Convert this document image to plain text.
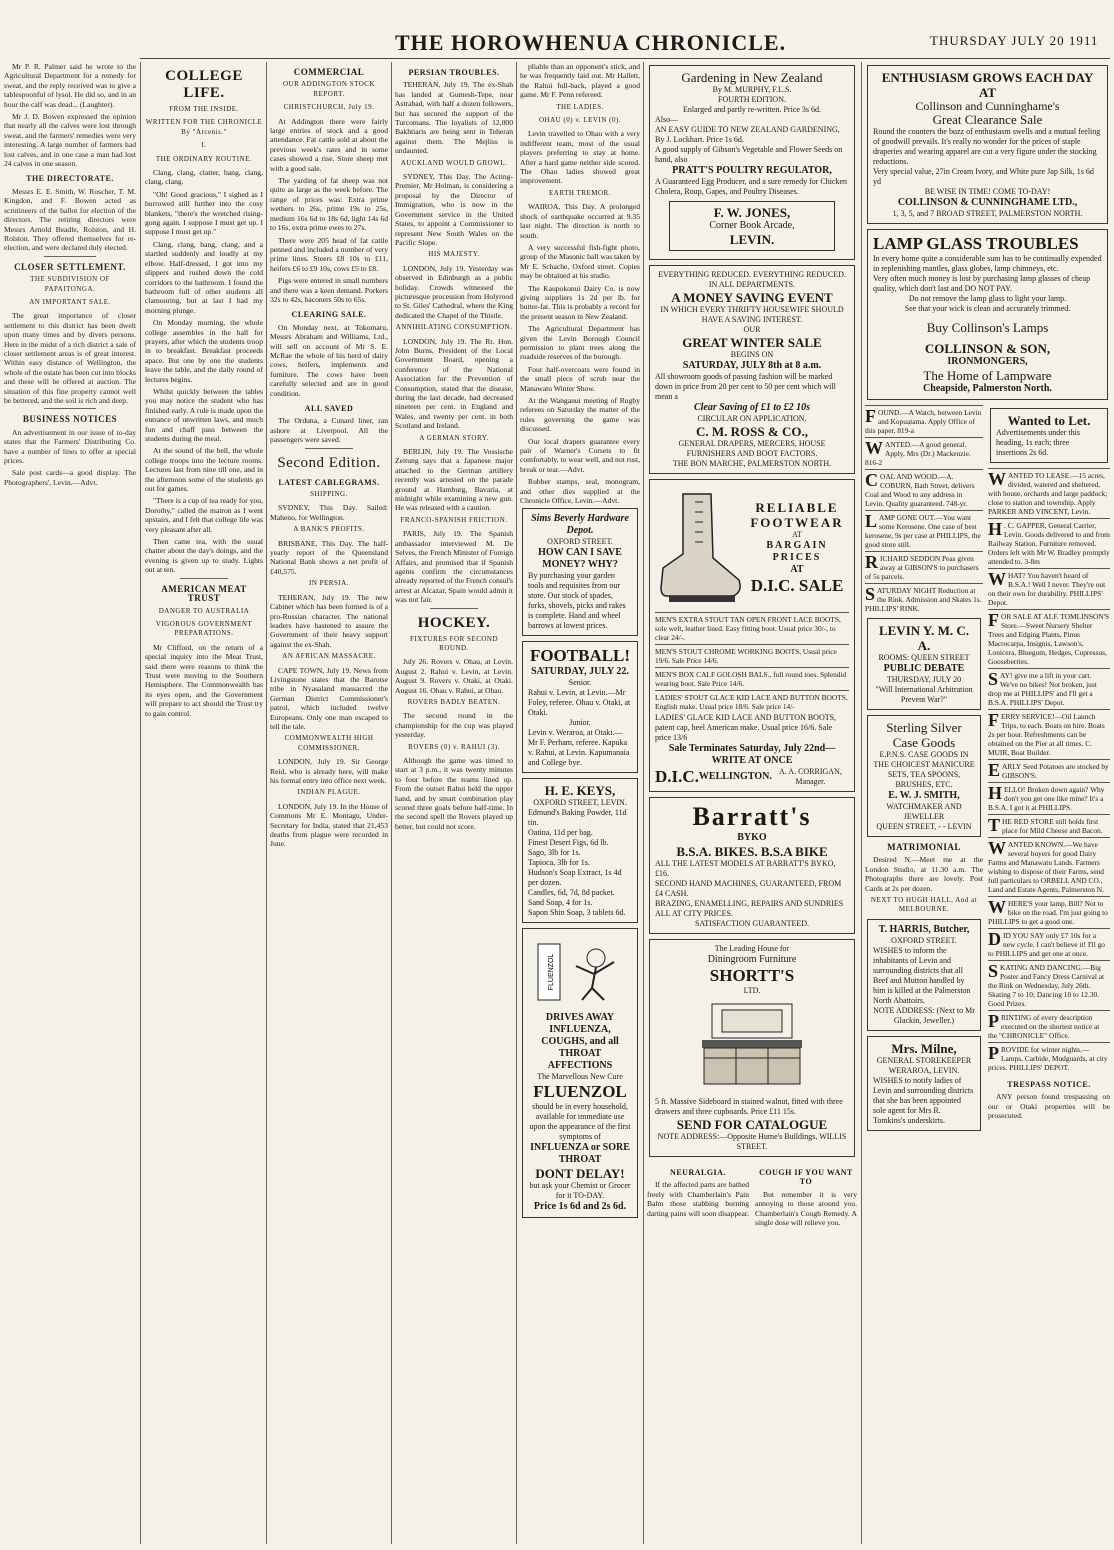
THE HOROWHENUA CHRONICLE.	THURSDAY JULY 20 1911

Mr P. R. Palmer said he wrote to the Agricultural Department for a remedy for sweat, and the reply received was to give a tablespoonful of lysol. He did so, and in an hour the calf was dead... (Laughter).

Mr J. D. Bowen expressed the opinion that nearly all the calves were lost through sweat, and the farmers' remedies were very interesting. A large number of farmers had lost calves, and in one case a man had lost 24 calves in one season.

THE DIRECTORATE.

Messrs E. E. Smith, W. Roscher, T. M. Kingdon, and F. Bowen acted as scrutineers of the ballot for election of the directors. The retiring directors were Messrs Arnold Beadle, Rolston, and H. Rolston. They offered themselves for re-election, and were declared duly elected.

CLOSER SETTLEMENT.
THE SUBDIVISION OF PAPAITONGA.
AN IMPORTANT SALE.

The great importance of closer settlement to this district has been dwelt upon many times and by divers persons. Here in the midst of a rich district a sale of closer settlement areas is of great interest. Within easy distance of Wellington, the whole of the estate has been cut into blocks and these will be offered at auction. The situation of this fine property cannot well be bettered, and the soil is rich and deep.

BUSINESS NOTICES

An advertisement in our issue of to-day states that the Farmers' Distributing Co. have a number of lines to offer at special prices.

Sale post cards—a good display. The Photographers', Levin.—Advt.

COLLEGE LIFE.
FROM THE INSIDE.
WRITTEN FOR THE CHRONICLE By "Arcenis."
I.
THE ORDINARY ROUTINE.

Clang, clang, clatter, bang, clang, clang, clang.

"Oh! Good gracious," I sighed as I burrowed still further into the cosy blankets, "there's the wretched rising-gong again. I suppose I must get up. I suppose I must get up."

Clang, clang, bang, clang, and a startled suddenly and loudly at my elbow. Half-dressed, I got into my slippers and rushed down the cold corridors to the bathroom. I found the bathroom full of other students all clamouring, but at last I had my morning plunge.

On Monday morning, the whole college assembles in the hall for prayers, after which the students troop in to breakfast. Breakfast proceeds apace. But one by one the students leave the table, and the daily round of lectures begins.

Whilst quickly between the tables you may notice the student who has finished early. A rule is made upon the entrance of unwritten laws, and much fun and chaff pass between the students during the meal.

At the sound of the bell, the whole college troops into the lecture rooms. Lectures last from nine till one, and in the afternoon some of the students go out for games.

"There is a cup of tea ready for you, Dorothy," called the matron as I went upstairs, and I felt that college life was very pleasant after all.

Then came tea, with the usual chatter about the day's doings, and the evening is given up to study. Lights out at ten.

AMERICAN MEAT TRUST
DANGER TO AUSTRALIA
VIGOROUS GOVERNMENT PREPARATIONS.

Mr Clifford, on the return of a special inquiry into the Meat Trust, said there were reasons to think the Trust were moving to the Southern Hemisphere. The Commonwealth has its eyes open, and the Government will prepare to act should the Trust try to gain control.

COMMERCIAL
OUR ADDINGTON STOCK REPORT.
CHRISTCHURCH, July 19.

At Addington there were fairly large entries of stock and a good attendance. Fat cattle sold at about the previous week's rates and in some cases showed a rise. Store sheep met with a good sale.

The yarding of fat sheep was not quite as large as the week before. The range of prices was: Extra prime wethers to 26s, prime 19s to 25s, medium 16s 6d to 18s 6d, light 14s 6d to 16s, extra prime ewes to 27s.

There were 205 head of fat cattle penned and included a number of very prime lines. Steers £8 10s to £11, heifers £6 to £9 10s, cows £5 to £8.

Pigs were entered in small numbers and there was a keen demand. Porkers 32s to 42s, baconers 50s to 65s.

CLEARING SALE.

On Monday next, at Tokomaru, Messrs Abraham and Williams, Ltd., will sell on account of Mr S. E. McRae the whole of his herd of dairy cows, heifers, implements and furniture. The cows have been carefully selected and are in good condition.

ALL SAVED

The Orduna, a Cunard liner, ran ashore at Liverpool. All the passengers were saved.

Second Edition.
LATEST CABLEGRAMS.
SHIPPING.

SYDNEY, This Day. Sailed: Maheno, for Wellington.

A BANK'S PROFITS.

BRISBANE, This Day. The half-yearly report of the Queensland National Bank shows a net profit of £40,575.

IN PERSIA.

TEHERAN, July 19. The new Cabinet which has been formed is of a pro-Russian character. The national leaders have hastened to assure the Government of their heavy support against the ex-Shah.

AN AFRICAN MASSACRE.

CAPE TOWN, July 19. News from Livingstone states that the Barotse tribe in Nyasaland massacred the German District Commissioner's patrol, which included twelve Europeans. Only one man escaped to tell the tale.

COMMONWEALTH HIGH COMMISSIONER.

LONDON, July 19. Sir George Reid, who is already here, will make his formal entry into office next week.

INDIAN PLAGUE.

LONDON, July 19. In the House of Commons Mr E. Montagu, Under-Secretary for India, stated that 21,453 deaths from plague were recorded in June.

PERSIAN TROUBLES.

TEHERAN, July 19. The ex-Shah has landed at Gumesh-Tepe, near Astrabad, with half a dozen followers, but has secured the support of the Turcomans. The loyalists of 12,000 Bakhtiaris are being sent in Teheran against them. The Mejliss is undaunted.

AUCKLAND WOULD GROWL.

SYDNEY, This Day. The Acting-Premier, Mr Holman, is considering a proposal by the Director of Immigration, who is now in the Government service in the United States, to appoint a Commissioner to represent New South Wales on the Pacific Slope.

HIS MAJESTY.

LONDON, July 19. Yesterday was observed in Edinburgh as a public holiday. Crowds witnessed the picturesque procession from Holyrood to St. Giles' Cathedral, where the King dedicated the Chapel of the Thistle.

ANNIHILATING CONSUMPTION.

LONDON, July 19. The Rt. Hon. John Burns, President of the Local Government Board, opening a conference of the National Association for the Prevention of Consumption, stated that the disease, during the last decade, had decreased nineteen per cent. in England and Wales, and twenty per cent. in both Scotland and Ireland.

A GERMAN STORY.

BERLIN, July 19. The Vossische Zeitung says that a Japanese major attached to the German artillery recently was arrested on the parade ground at Hamburg, Bavaria, at midnight while examining a new gun. He was released with a caution.

FRANCO-SPANISH FRICTION.

PARIS, July 19. The Spanish ambassador interviewed M. De Selves, the French Minister of Foreign Affairs, and promised that if Spanish agents confirm the circumstances already reported of the French consul's arrest at Alcazar, Spain would admit it was not fair.

HOCKEY.
FIXTURES FOR SECOND ROUND.

July 26. Rovers v. Ohau, at Levin. August 2. Rahui v. Levin, at Levin. August 9. Rovers v. Otaki, at Otaki. August 16. Ohau v. Rahui, at Ohau.

ROVERS BADLY BEATEN.

The second round in the championship for the cup was played yesterday.

ROVERS (0) v. RAHUI (3).

Although the game was timed to start at 3 p.m., it was twenty minutes to four before the teams lined up. From the outset Rahui held the upper hand, and by smart combination play scored three goals before half-time. In the second spell the Rovers played up better, but could not score.

pliable than an opponent's stick, and he was frequently laid out. Mr Hallett, the Rahui full-back, played a good game. Mr F. Penn refereed.

THE LADIES.
OHAU (0) v. LEVIN (0).

Levin travelled to Ohau with a very indifferent team, most of the usual players preferring to stay at home. After a hard game neither side scored. The Ohau ladies showed great improvement.

EARTH TREMOR.

WAIROA, This Day. A prolonged shock of earthquake occurred at 9.35 last night. The direction is north to south.

A very successful fish-fight photo, group of the Masonic ball was taken by Mr E. Schache, Oxford street. Copies may be obtained at his studio.

The Kaupokonui Dairy Co. is now giving suppliers 1s 2d per lb. for butter-fat. This is probably a record for the present season in New Zealand.

The Agricultural Department has given the Levin Borough Council permission to plant trees along the roadside reserves of the borough.

Four half-overcoats were found in the small piece of scrub near the Manawatu Winter Show.

At the Wanganui meeting of Rugby referees on Saturday the matter of the rules governing the game was discussed.

Our local drapers guarantee every pair of Warner's Corsets to fit comfortably, to wear well, and not rust, break or tear.—Advt.

Rubber stamps, seal, monogram, and other dies supplied at the Chronicle Office, Levin.—Advt.

Sims Beverly Hardware Depot.
OXFORD STREET.
HOW CAN I SAVE MONEY? WHY?
By purchasing your garden tools and requisites from our store. Our stock of spades, forks, shovels, picks and rakes is complete. Hand and wheel barrows at lowest prices.
FOOTBALL!
SATURDAY, JULY 22.
Senior.
Rahui v. Levin, at Levin.—Mr Foley, referee. Ohau v. Otaki, at Otaki.
Junior.
Levin v. Weraroa, at Otaki.—Mr F. Perham, referee. Kapuka v. Rahui, at Levin. Kapumanaia and College bye.
H. E. KEYS,
OXFORD STREET, LEVIN.
Edmund's Baking Powder, 11d tin.
Oatina, 11d per bag.
Finest Desert Figs, 6d lb.
Sago, 3lb for 1s.
Tapioca, 3lb for 1s.
Hudson's Soap Extract, 1s 4d per dozen.
Candles, 6d, 7d, 8d packet.
Sand Soap, 4 for 1s.
Sapon Shin Soap, 3 tablets 6d.
FLUENZOL
DRIVES AWAY INFLUENZA, COUGHS, and all THROAT AFFECTIONS
The Marvellous New Cure
FLUENZOL
should be in every household, available for immediate use upon the appearance of the first symptoms of
INFLUENZA or SORE THROAT
DONT DELAY!
but ask your Chemist or Grocer for it TO-DAY.
Price 1s 6d and 2s 6d.
Gardening in New Zealand
By M. MURPHY, F.L.S.
FOURTH EDITION.
Enlarged and partly re-written. Price 3s 6d.
Also—
AN EASY GUIDE TO NEW ZEALAND GARDENING, By J. Lockhart. Price 1s 6d.
A good supply of Gibson's Vegetable and Flower Seeds on hand, also
PRATT'S POULTRY REGULATOR,
A Guaranteed Egg Producer, and a sure remedy for Chicken Cholera, Roup, Gapes, and Poultry Diseases.
F. W. JONES,
Corner Book Arcade,
LEVIN.
EVERYTHING REDUCED. EVERYTHING REDUCED. IN ALL DEPARTMENTS.
A MONEY SAVING EVENT
IN WHICH EVERY THRIFTY HOUSEWIFE SHOULD HAVE A SAVING INTEREST.
OUR
GREAT WINTER SALE
BEGINS ON
SATURDAY, JULY 8th at 8 a.m.
All showroom goods of passing fashion will be marked down in price from 20 per cent to 50 per cent which will mean a
Clear Saving of £1 to £2 10s
CIRCULAR ON APPLICATION.
C. M. ROSS & CO.,
GENERAL DRAPERS, MERCERS, HOUSE FURNISHERS AND BOOT FACTORS.
THE BON MARCHE, PALMERSTON NORTH.
RELIABLE
FOOTWEAR
AT
BARGAIN PRICES
AT
D.I.C. SALE
MEN'S EXTRA STOUT TAN OPEN FRONT LACE BOOTS, sole welt, leather lined. Easy fitting boot. Usual price 30/-, to clear 24/-.
MEN'S STOUT CHROME WORKING BOOTS, Usual price 19/6. Sale Price 14/6.
MEN'S BOX CALF GOLOSH BALS., full round toes. Splendid wearing boot. Sale Price 14/6.
LADIES' STOUT GLACE KID LACE AND BUTTON BOOTS, English make. Usual price 18/6. Sale price 14/-
LADIES' GLACE KID LACE AND BUTTON BOOTS, patent cap, heel American make. Usual price 16/6. Sale price 13/6
Sale Terminates Saturday, July 22nd—WRITE AT ONCE
D.I.C. WELLINGTON. A. A. CORRIGAN, Manager.
Barratt's
BYKO
B.S.A. BIKES. B.S.A BIKE
ALL THE LATEST MODELS AT BARRATT'S BYKO, £16.
SECOND HAND MACHINES, GUARANTEED, FROM £4 CASH.
BRAZING, ENAMELLING, REPAIRS AND SUNDRIES ALL AT CITY PRICES.
SATISFACTION GUARANTEED.
The Leading House for
Diningroom Furniture
SHORTT'S
LTD.
5 ft. Massive Sideboard in stained walnut, fitted with three drawers and three cupboards. Price £11 15s.
SEND FOR CATALOGUE
NOTE ADDRESS:—Opposite Hume's Buildings, WILLIS STREET.
NEURALGIA.

If the affected parts are bathed freely with Chamberlain's Pain Balm those stabbing burning darting pains will soon disappear.

COUGH IF YOU WANT TO

But remember it is very annoying to those around you. Chamberlain's Cough Remedy. A single dose will relieve you.

ENTHUSIASM GROWS EACH DAY AT
Collinson and Cunninghame's
Great Clearance Sale
Round the counters the buzz of enthusiasm swells and a mutual feeling of goodwill prevails. It's really no wonder for the prices of staple draperies and wearing apparel are cut a very figure under the stocking reductions.
Very special value, 27in Cream Ivory, and White pure Jap Silk, 1s 6d yd
BE WISE IN TIME! COME TO-DAY!
COLLINSON & CUNNINGHAME LTD.,
1, 3, 5, and 7 BROAD STREET, PALMERSTON NORTH.
LAMP GLASS TROUBLES
In every home quite a considerable sum has to be continually expended in replenishing mantles, glass globes, lamp chimneys, etc.
Very often much money is lost by purchasing lamp glasses of cheap quality, which don't last and DO NOT PAY.
Do not remove the lamp glass to light your lamp.
See that your wick is clean and accurately trimmed.
Buy Collinson's Lamps
COLLINSON & SON,
IRONMONGERS,
The Home of Lampware
Cheapside, Palmerston North.
FOUND.—A Watch, between Levin and Kopuatama. Apply Office of this paper. 819-a
WANTED.—A good general. Apply, Mrs (Dr.) Mackenzie. 816-2
COAL AND WOOD.—A. COBURN, Bath Street, delivers Coal and Wood to any address in Levin. Quality guaranteed. 748-yr.
LAMP GONE OUT.—You want some Kerosene. One case of best kerosene, 9s per case at PHILLIPS, the good store still.
RICHARD SEDDON Peas given away at GIBSON'S to purchasers of 5s parcels.
SATURDAY NIGHT Reduction at the Rink. Admission and Skates 1s. PHILLIPS' RINK.
LEVIN Y. M. C. A.
ROOMS: QUEEN STREET
PUBLIC DEBATE
THURSDAY, JULY 20
"Will International Arbitration Prevent War?"
Sterling Silver Case Goods
E.P.N.S. CASE GOODS IN THE CHOICEST MANICURE SETS, TEA SPOONS, BRUSHES, ETC.
E. W. J. SMITH,
WATCHMAKER AND JEWELLER
QUEEN STREET, - - LEVIN
MATRIMONIAL

Desired N.—Meet me at the London Studio, at 11.30 a.m. The Photographs there are lovely. Post Cards at 2s per dozen.

NEXT TO HUGH HALL, And at MELBOURNE.
T. HARRIS, Butcher,
OXFORD STREET.
WISHES to inform the inhabitants of Levin and surrounding districts that all Beef and Mutton handled by him is killed at the Palmerston North Abattoirs.
NOTE ADDRESS: (Next to Mr Glackin, Jeweller.)
Mrs. Milne,
GENERAL STOREKEEPER WERAROA, LEVIN.
WISHES to notify ladies of Levin and surrounding districts that she has been appointed sole agent for Mrs R. Tomkins's underskirts.
Wanted to Let.
Advertisements under this heading, 1s each; three insertions 2s 6d.
WANTED TO LEASE.—15 acres, divided, watered and sheltered, with house, orchards and large paddock; close to station and township. Apply PARKER AND VINCENT, Levin.
H . C. GAPPER, General Carrier, Levin. Goods delivered to and from Railway Station. Furniture removed. Orders left with Mr W. Bradley promptly attended to. 3-8m
WHAT? You haven't heard of B.S.A.! Well I never. They're out on their own for durability. PHILLIPS' Depot.
FOR SALE AT ALF. TOMLINSON'S Store.—Sweet Nursery Shelter Trees and Edging Plants, Pinus Macrocarpa, Insignis, Lawson's, Lonicera, Bluegum, Hedges, Cupressus, Gooseberries.
SAY! give me a lift in your cart. We've no bikes! Not broken, just drop me at PHILLIPS' and I'll get a B.S.A. PHILLIPS' Depot.
FERRY SERVICE!—Oil Launch Trips, to each. Boats on hire. Boats 2s per hour. Refreshments can be obtained on the Pier at all times. C. MUIR, Boat Builder.
EARLY Seed Potatoes are stocked by GIBSON'S.
HELLO! Broken down again? Why don't you get one like mine? It's a B.S.A. I got it at PHILLIPS.
THE RED STORE still holds first place for Mild Cheese and Bacon.
WANTED KNOWN.—We have several buyers for good Dairy Farms and Manawatu Lands. Farmers wishing to dispose of their Farms, send full particulars to ORBELL AND CO., Land and Estate Agents, Palmerston N.
WHERE'S your lamp, Bill? Not to bike on the road. I'm just going to PHILLIPS to get a good one.
DID YOU SAY only £7 10s for a new cycle. I can't believe it! I'll go to PHILLIPS and get one at once.
SKATING AND DANCING.—Big Poster and Fancy Dress Carnival at the Rink on Wednesday, July 26th. Skating 7 to 10; Dancing 10 to 12.30. Good Prizes.
PRINTING of every description executed on the shortest notice at the "CHRONICLE" Office.
PROVIDE for winter nights.—Lamps, Carbide, Mudguards, at city prices. PHILLIPS' DEPOT.
TRESPASS NOTICE.

ANY person found trespassing on our or Otaki properties will be prosecuted.
